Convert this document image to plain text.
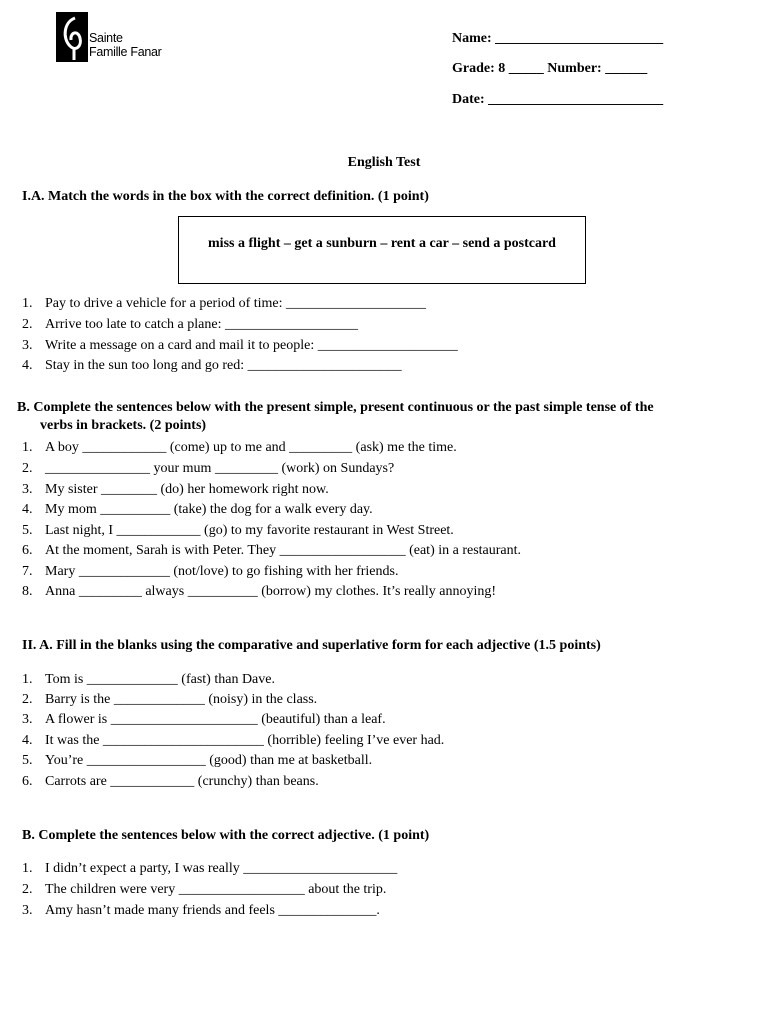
Sainte
Famille Fanar
Name: ________________________
Grade: 8 _____ Number: ______
Date: _________________________
English Test
I.A. Match the words in the box with the correct definition. (1 point)
miss a flight – get a sunburn – rent a car – send a postcard
1. Pay to drive a vehicle for a period of time: ____________________
2. Arrive too late to catch a plane: ___________________
3. Write a message on a card and mail it to people: ____________________
4. Stay in the sun too long and go red: ______________________
B. Complete the sentences below with the present simple, present continuous or the past simple tense of the
verbs in brackets. (2 points)
1. A boy ____________ (come) up to me and _________ (ask) me the time.
2. _______________ your mum _________ (work) on Sundays?
3. My sister ________ (do) her homework right now.
4. My mom __________ (take) the dog for a walk every day.
5. Last night, I ____________ (go) to my favorite restaurant in West Street.
6. At the moment, Sarah is with Peter. They __________________ (eat) in a restaurant.
7. Mary _____________ (not/love) to go fishing with her friends.
8. Anna _________ always __________ (borrow) my clothes. It’s really annoying!
II. A. Fill in the blanks using the comparative and superlative form for each adjective (1.5 points)
1. Tom is _____________ (fast) than Dave.
2. Barry is the _____________ (noisy) in the class.
3. A flower is _____________________ (beautiful) than a leaf.
4. It was the _______________________ (horrible) feeling I’ve ever had.
5. You’re _________________ (good) than me at basketball.
6. Carrots are ____________ (crunchy) than beans.
B. Complete the sentences below with the correct adjective. (1 point)
1. I didn’t expect a party, I was really ______________________
2. The children were very __________________ about the trip.
3. Amy hasn’t made many friends and feels ______________.
